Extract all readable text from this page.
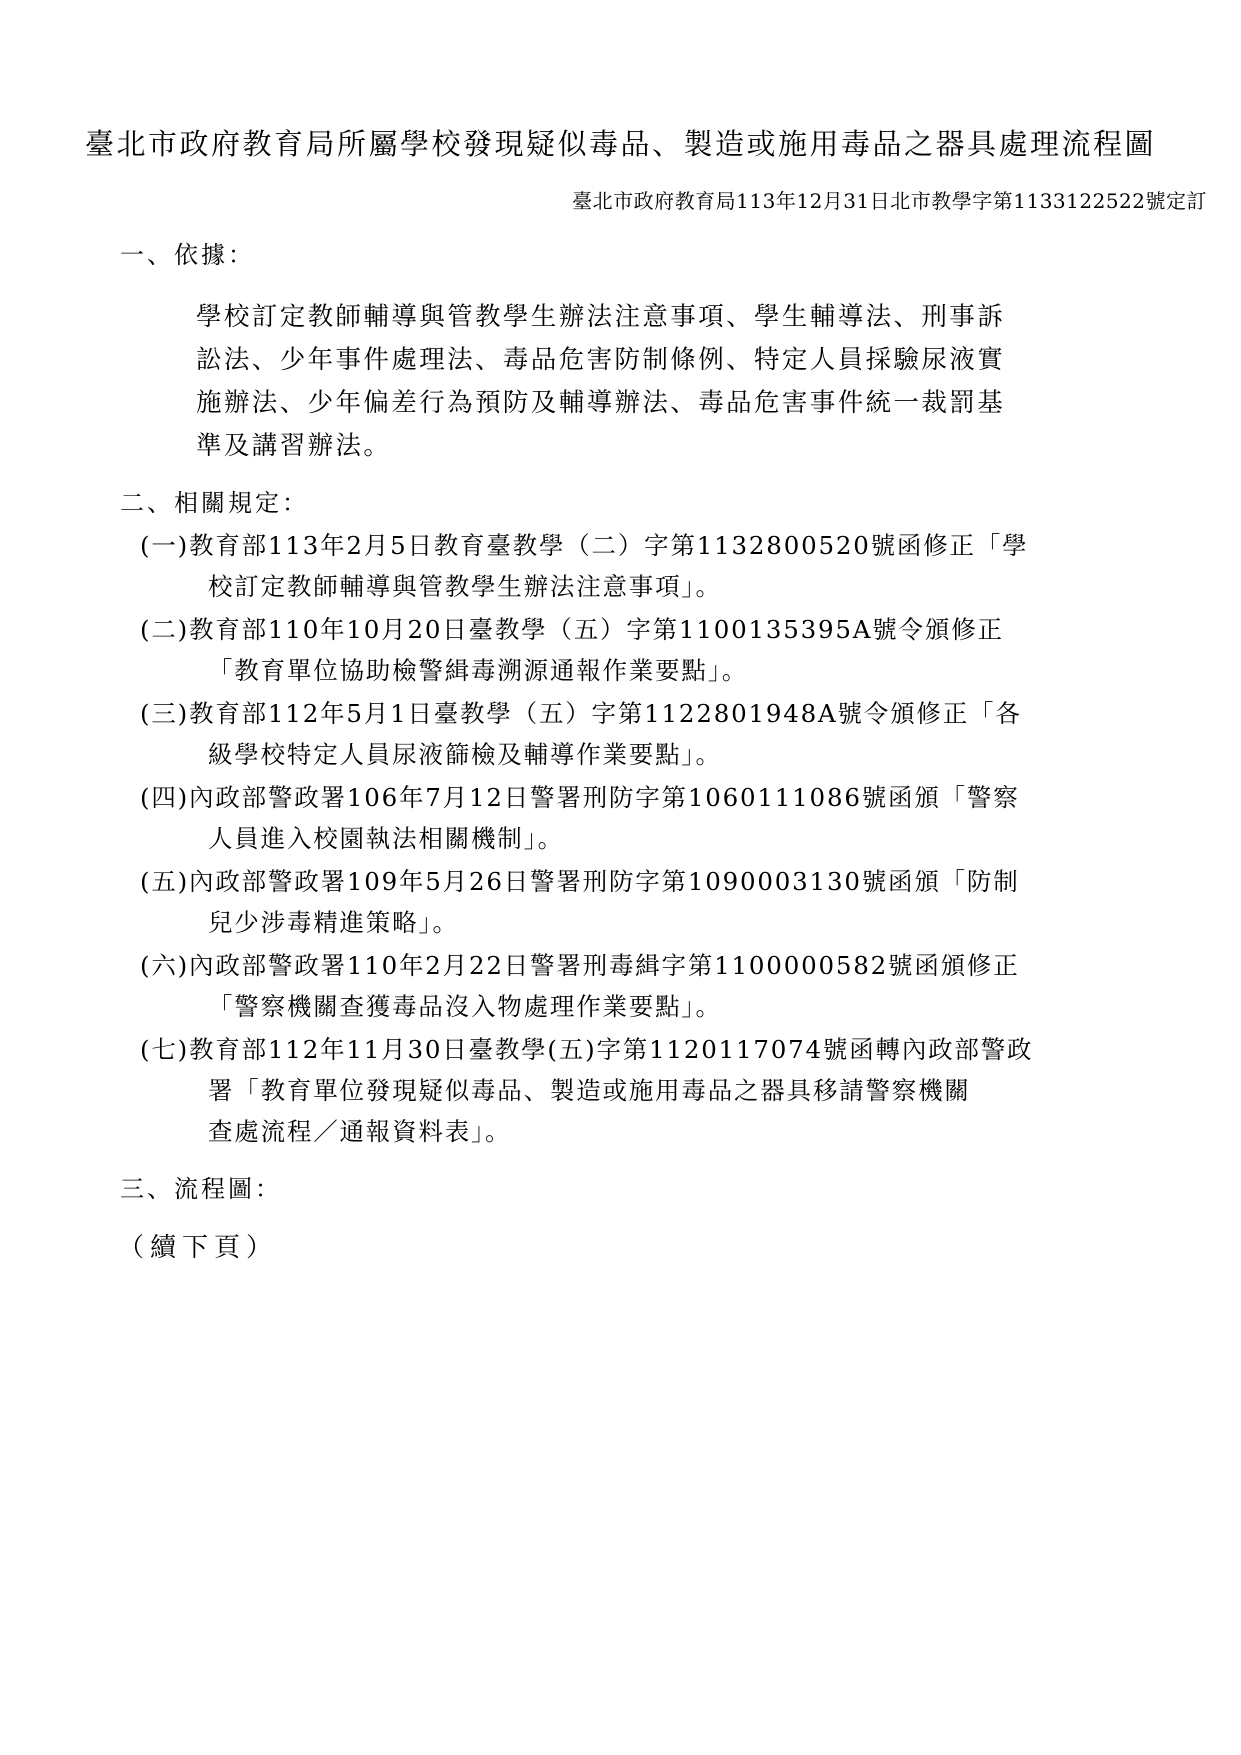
臺北市政府教育局所屬學校發現疑似毒品、製造或施用毒品之器具處理流程圖
臺北市政府教育局113年12月31日北市教學字第1133122522號定訂
一、依據：
學校訂定教師輔導與管教學生辦法注意事項、學生輔導法、刑事訴
訟法、少年事件處理法、毒品危害防制條例、特定人員採驗尿液實
施辦法、少年偏差行為預防及輔導辦法、毒品危害事件統一裁罰基
準及講習辦法。
二、相關規定：
(一)教育部113年2月5日教育臺教學（二）字第1132800520號函修正「學
校訂定教師輔導與管教學生辦法注意事項」。
(二)教育部110年10月20日臺教學（五）字第1100135395A號令頒修正
「教育單位協助檢警緝毒溯源通報作業要點」。
(三)教育部112年5月1日臺教學（五）字第1122801948A號令頒修正「各
級學校特定人員尿液篩檢及輔導作業要點」。
(四)內政部警政署106年7月12日警署刑防字第1060111086號函頒「警察
人員進入校園執法相關機制」。
(五)內政部警政署109年5月26日警署刑防字第1090003130號函頒「防制
兒少涉毒精進策略」。
(六)內政部警政署110年2月22日警署刑毒緝字第1100000582號函頒修正
「警察機關查獲毒品沒入物處理作業要點」。
(七)教育部112年11月30日臺教學(五)字第1120117074號函轉內政部警政
署「教育單位發現疑似毒品、製造或施用毒品之器具移請警察機關
查處流程／通報資料表」。
三、流程圖：
（續下頁）
